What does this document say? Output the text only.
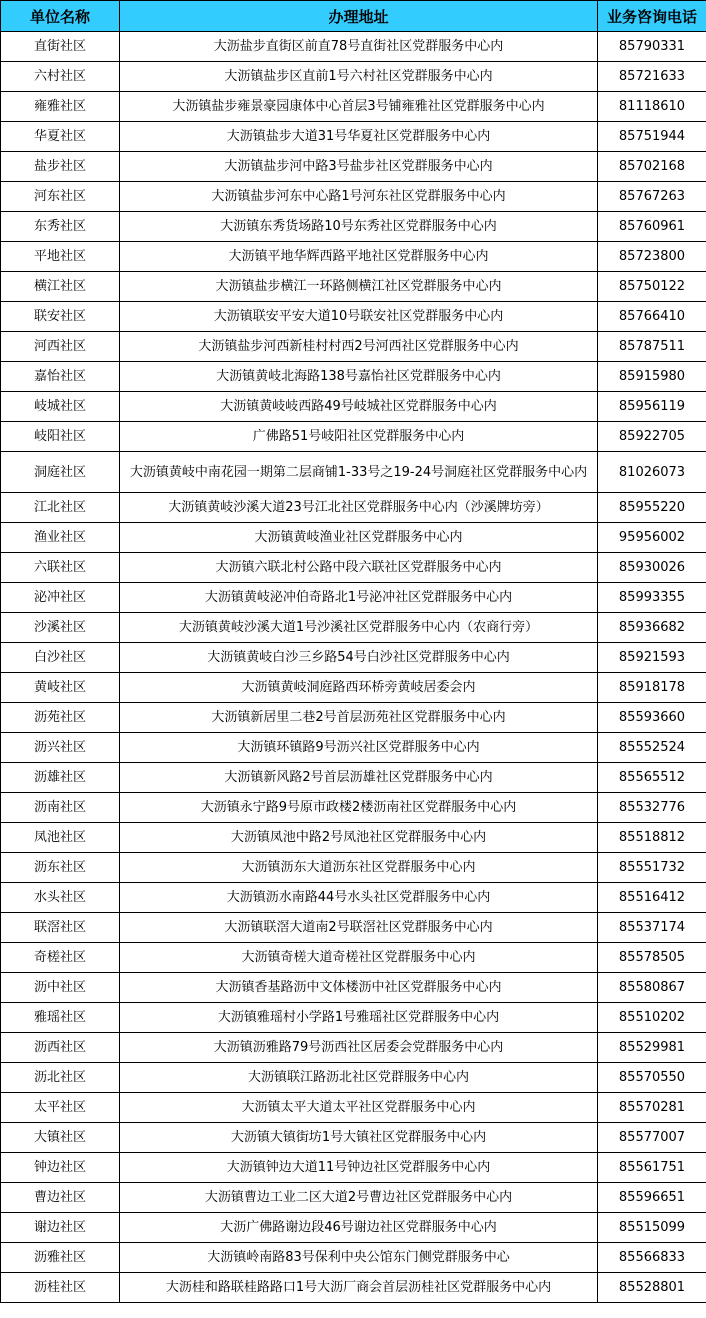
单位名称	办理地址	业务咨询电话
直街社区	大沥盐步直街区前直78号直街社区党群服务中心内	85790331
六村社区	大沥镇盐步区直前1号六村社区党群服务中心内	85721633
雍雅社区	大沥镇盐步雍景豪园康体中心首层3号铺雍雅社区党群服务中心内	81118610
华夏社区	大沥镇盐步大道31号华夏社区党群服务中心内	85751944
盐步社区	大沥镇盐步河中路3号盐步社区党群服务中心内	85702168
河东社区	大沥镇盐步河东中心路1号河东社区党群服务中心内	85767263
东秀社区	大沥镇东秀货场路10号东秀社区党群服务中心内	85760961
平地社区	大沥镇平地华辉西路平地社区党群服务中心内	85723800
横江社区	大沥镇盐步横江一环路侧横江社区党群服务中心内	85750122
联安社区	大沥镇联安平安大道10号联安社区党群服务中心内	85766410
河西社区	大沥镇盐步河西新桂村村西2号河西社区党群服务中心内	85787511
嘉怡社区	大沥镇黄岐北海路138号嘉怡社区党群服务中心内	85915980
岐城社区	大沥镇黄岐岐西路49号岐城社区党群服务中心内	85956119
岐阳社区	广佛路51号岐阳社区党群服务中心内	85922705
洞庭社区	大沥镇黄岐中南花园一期第二层商铺1-33号之19-24号洞庭社区党群服务中心内	81026073
江北社区	大沥镇黄岐沙溪大道23号江北社区党群服务中心内（沙溪牌坊旁）	85955220
渔业社区	大沥镇黄岐渔业社区党群服务中心内	95956002
六联社区	大沥镇六联北村公路中段六联社区党群服务中心内	85930026
泌冲社区	大沥镇黄岐泌冲伯奇路北1号泌冲社区党群服务中心内	85993355
沙溪社区	大沥镇黄岐沙溪大道1号沙溪社区党群服务中心内（农商行旁）	85936682
白沙社区	大沥镇黄岐白沙三乡路54号白沙社区党群服务中心内	85921593
黄岐社区	大沥镇黄岐洞庭路西环桥旁黄岐居委会内	85918178
沥苑社区	大沥镇新居里二巷2号首层沥苑社区党群服务中心内	85593660
沥兴社区	大沥镇环镇路9号沥兴社区党群服务中心内	85552524
沥雄社区	大沥镇新风路2号首层沥雄社区党群服务中心内	85565512
沥南社区	大沥镇永宁路9号原市政楼2楼沥南社区党群服务中心内	85532776
凤池社区	大沥镇凤池中路2号凤池社区党群服务中心内	85518812
沥东社区	大沥镇沥东大道沥东社区党群服务中心内	85551732
水头社区	大沥镇沥水南路44号水头社区党群服务中心内	85516412
联滘社区	大沥镇联滘大道南2号联滘社区党群服务中心内	85537174
奇槎社区	大沥镇奇槎大道奇槎社区党群服务中心内	85578505
沥中社区	大沥镇香基路沥中文体楼沥中社区党群服务中心内	85580867
雅瑶社区	大沥镇雅瑶村小学路1号雅瑶社区党群服务中心内	85510202
沥西社区	大沥镇沥雅路79号沥西社区居委会党群服务中心内	85529981
沥北社区	大沥镇联江路沥北社区党群服务中心内	85570550
太平社区	大沥镇太平大道太平社区党群服务中心内	85570281
大镇社区	大沥镇大镇街坊1号大镇社区党群服务中心内	85577007
钟边社区	大沥镇钟边大道11号钟边社区党群服务中心内	85561751
曹边社区	大沥镇曹边工业二区大道2号曹边社区党群服务中心内	85596651
谢边社区	大沥广佛路谢边段46号谢边社区党群服务中心内	85515099
沥雅社区	大沥镇岭南路83号保利中央公馆东门侧党群服务中心	85566833
沥桂社区	大沥桂和路联桂路路口1号大沥厂商会首层沥桂社区党群服务中心内	85528801
